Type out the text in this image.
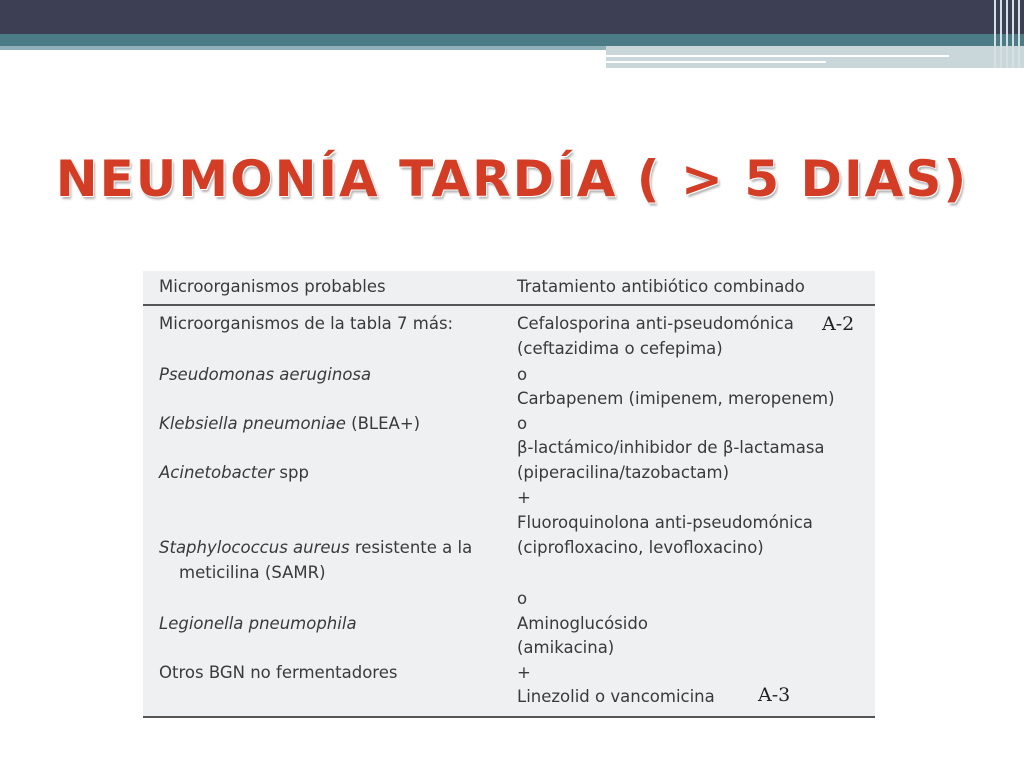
NEUMONÍA TARDÍA ( > 5 DIAS)
Microorganismos probables	Tratamiento antibiótico combinado
Microorganismos de la tabla 7 más:
Pseudomonas aeruginosa
Klebsiella pneumoniae (BLEA+)
Acinetobacter spp
Staphylococcus aureus resistente a la
meticilina (SAMR)
Legionella pneumophila
Otros BGN no fermentadores
Cefalosporina anti-pseudomónica
(ceftazidima o cefepima)
o
Carbapenem (imipenem, meropenem)
o
β-lactámico/inhibidor de β-lactamasa
(piperacilina/tazobactam)
+
Fluoroquinolona anti-pseudomónica
(ciprofloxacino, levofloxacino)
o
Aminoglucósido
(amikacina)
+
Linezolid o vancomicina
A-2
A-3
